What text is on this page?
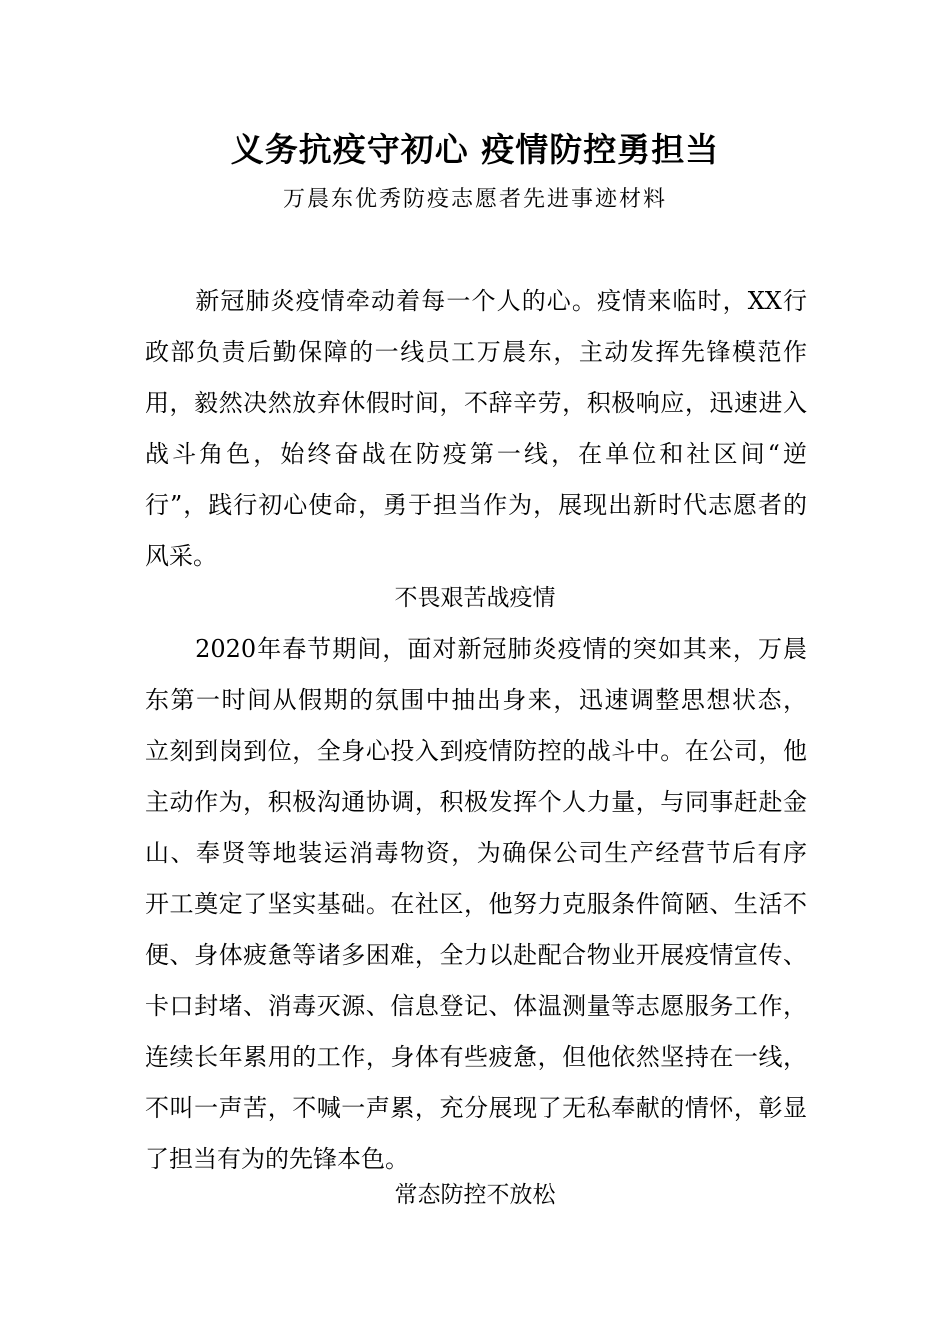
义务抗疫守初心 疫情防控勇担当
万晨东优秀防疫志愿者先进事迹材料
　　新冠肺炎疫情牵动着每一个人的心。疫情来临时，XX行
政部负责后勤保障的一线员工万晨东，主动发挥先锋模范作
用，毅然决然放弃休假时间，不辞辛劳，积极响应，迅速进入
战斗角色，始终奋战在防疫第一线，在单位和社区间“逆
行”，践行初心使命，勇于担当作为，展现出新时代志愿者的
风采。
不畏艰苦战疫情
　　2020年春节期间，面对新冠肺炎疫情的突如其来，万晨
东第一时间从假期的氛围中抽出身来，迅速调整思想状态，
立刻到岗到位，全身心投入到疫情防控的战斗中。在公司，他
主动作为，积极沟通协调，积极发挥个人力量，与同事赶赴金
山、奉贤等地装运消毒物资，为确保公司生产经营节后有序
开工奠定了坚实基础。在社区，他努力克服条件简陋、生活不
便、身体疲惫等诸多困难，全力以赴配合物业开展疫情宣传、
卡口封堵、消毒灭源、信息登记、体温测量等志愿服务工作，
连续长年累用的工作，身体有些疲惫，但他依然坚持在一线，
不叫一声苦，不喊一声累，充分展现了无私奉献的情怀，彰显
了担当有为的先锋本色。
常态防控不放松
